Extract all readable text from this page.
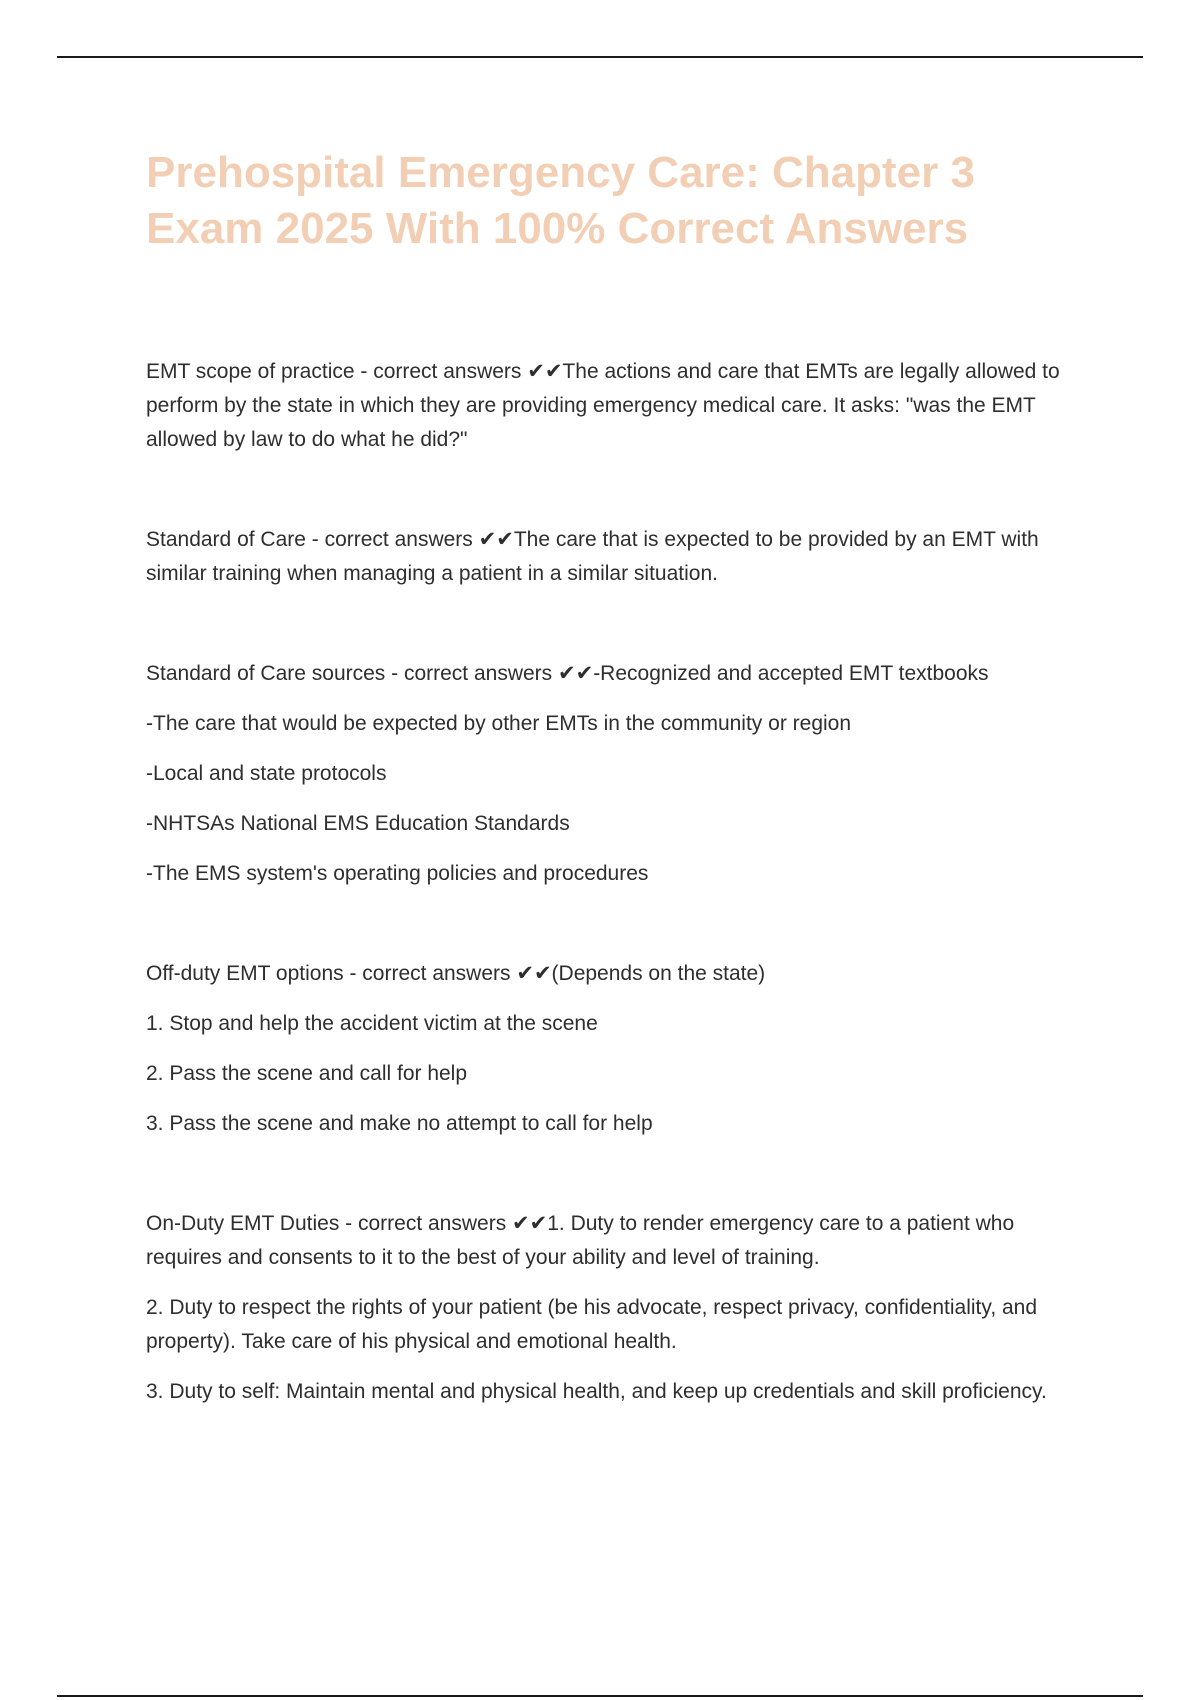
Prehospital Emergency Care: Chapter 3
Exam 2025 With 100% Correct Answers

EMT scope of practice - correct answers ✔✔The actions and care that EMTs are legally allowed to perform by the state in which they are providing emergency medical care. It asks: "was the EMT allowed by law to do what he did?"

Standard of Care - correct answers ✔✔The care that is expected to be provided by an EMT with similar training when managing a patient in a similar situation.

Standard of Care sources - correct answers ✔✔-Recognized and accepted EMT textbooks

-The care that would be expected by other EMTs in the community or region

-Local and state protocols

-NHTSAs National EMS Education Standards

-The EMS system's operating policies and procedures

Off-duty EMT options - correct answers ✔✔(Depends on the state)

1. Stop and help the accident victim at the scene

2. Pass the scene and call for help

3. Pass the scene and make no attempt to call for help

On-Duty EMT Duties - correct answers ✔✔1. Duty to render emergency care to a patient who requires and consents to it to the best of your ability and level of training.

2. Duty to respect the rights of your patient (be his advocate, respect privacy, confidentiality, and property). Take care of his physical and emotional health.

3. Duty to self: Maintain mental and physical health, and keep up credentials and skill proficiency.
